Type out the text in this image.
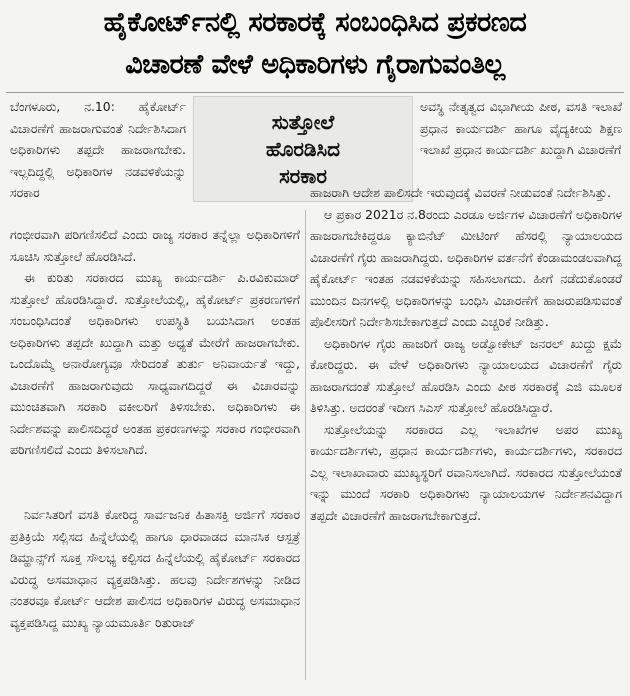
ಹೈಕೋರ್ಟ್‌ನಲ್ಲಿ ಸರಕಾರಕ್ಕೆ ಸಂಬಂಧಿಸಿದ ಪ್ರಕರಣದ
ವಿಚಾರಣೆ ವೇಳೆ ಅಧಿಕಾರಿಗಳು ಗೈರಾಗುವಂತಿಲ್ಲ

ಬೆಂಗಳೂರು, ನ.10: ಹೈಕೋರ್ಟ್ ವಿಚಾರಣೆಗೆ ಹಾಜರಾಗುವಂತೆ ನಿರ್ದೇಶಿಸಿದಾಗ ಅಧಿಕಾರಿಗಳು ತಪ್ಪದೇ ಹಾಜರಾಗಬೇಕು. ಇಲ್ಲದಿದ್ದಲ್ಲಿ ಅಧಿಕಾರಿಗಳ ನಡವಳಿಕೆಯನ್ನು ಸರಕಾರ

ಸುತ್ತೋಲೆ
ಹೊರಡಿಸಿದ
ಸರಕಾರ

ಅವಸ್ಥಿ ನೇತೃತ್ವದ ವಿಭಾಗೀಯ ಪೀಠ, ವಸತಿ ಇಲಾಖೆ ಪ್ರಧಾನ ಕಾರ್ಯದರ್ಶಿ ಹಾಗೂ ವೈದ್ಯಕೀಯ ಶಿಕ್ಷಣ ಇಲಾಖೆ ಪ್ರಧಾನ ಕಾರ್ಯದರ್ಶಿ ಖುದ್ದಾಗಿ ವಿಚಾರಣೆಗೆ

ಗಂಭೀರವಾಗಿ ಪರಿಗಣಿಸಲಿದೆ ಎಂದು ರಾಜ್ಯ ಸರಕಾರ ತನ್ನೆಲ್ಲಾ ಅಧಿಕಾರಿಗಳಿಗೆ ಸೂಚಿಸಿ ಸುತ್ತೋಲೆ ಹೊರಡಿಸಿದೆ.

ಈ ಕುರಿತು ಸರಕಾರದ ಮುಖ್ಯ ಕಾರ್ಯದರ್ಶಿ ಪಿ.ರವಿಕುಮಾರ್ ಸುತ್ತೋಲೆ ಹೊರಡಿಸಿದ್ದಾರೆ. ಸುತ್ತೋಲೆಯಲ್ಲಿ, ಹೈಕೋರ್ಟ್ ಪ್ರಕರಣಗಳಿಗೆ ಸಂಬಂಧಿಸಿದಂತೆ ಅಧಿಕಾರಿಗಳು ಉಪಸ್ಥಿತಿ ಬಯಸಿದಾಗ ಅಂತಹ ಅಧಿಕಾರಿಗಳು ತಪ್ಪದೇ ಖುದ್ದಾಗಿ ಮತ್ತು ಅಧ್ಯತೆ ಮೇರೆಗೆ ಹಾಜರಾಗಬೇಕು. ಒಂದೊಮ್ಮೆ ಅನಾರೋಗ್ಯವೂ ಸೇರಿದಂತೆ ತುರ್ತು ಅನಿವಾರ್ಯತೆ ಇದ್ದು, ವಿಚಾರಣೆಗೆ ಹಾಜರಾಗುವುದು ಸಾಧ್ಯವಾಗದಿದ್ದರೆ ಈ ವಿಚಾರವನ್ನು ಮುಂಚಿತವಾಗಿ ಸರಕಾರಿ ವಕೀಲರಿಗೆ ತಿಳಿಸಬೇಕು. ಅಧಿಕಾರಿಗಳು ಈ ನಿರ್ದೇಶವನ್ನು ಪಾಲಿಸದಿದ್ದರೆ ಅಂತಹ ಪ್ರಕರಣಗಳನ್ನು ಸರಕಾರ ಗಂಭೀರವಾಗಿ ಪರಿಗಣಿಸಲಿದೆ ಎಂದು ತಿಳಿಸಲಾಗಿದೆ.

ನಿರ್ವಸಿತರಿಗೆ ವಸತಿ ಕೋರಿದ್ದ ಸಾರ್ವಜನಿಕ ಹಿತಾಸಕ್ತಿ ಅರ್ಜಿಗೆ ಸರಕಾರ ಪ್ರತಿಕ್ರಿಯೆ ಸಲ್ಲಿಸದ ಹಿನ್ನೆಲೆಯಲ್ಲಿ ಹಾಗೂ ಧಾರವಾಡದ ಮಾನಸಿಕ ಆಸ್ಪತ್ರೆ ಡಿಮ್ಹಾನ್ಸ್‌ಗೆ ಸೂಕ್ತ ಸೌಲಭ್ಯ ಕಲ್ಪಿಸದ ಹಿನ್ನೆಲೆಯಲ್ಲಿ ಹೈಕೋರ್ಟ್ ಸರಕಾರದ ವಿರುದ್ಧ ಅಸಮಾಧಾನ ವ್ಯಕ್ತಪಡಿಸಿತ್ತು. ಹಲವು ನಿರ್ದೇಶಗಳನ್ನು ನೀಡಿದ ನಂತರವೂ ಕೋರ್ಟ್ ಆದೇಶ ಪಾಲಿಸದ ಅಧಿಕಾರಿಗಳ ವಿರುದ್ಧ ಅಸಮಾಧಾನ ವ್ಯಕ್ತಪಡಿಸಿದ್ದ ಮುಖ್ಯ ನ್ಯಾಯಮೂರ್ತಿ ರಿತುರಾಜ್

ಹಾಜರಾಗಿ ಆದೇಶ ಪಾಲಿಸದೇ ಇರುವುದಕ್ಕೆ ವಿವರಣೆ ನೀಡುವಂತೆ ನಿರ್ದೇಶಿಸಿತ್ತು.

ಆ ಪ್ರಕಾರ 2021ರ ನ.8ರಂದು ಎರಡೂ ಅರ್ಜಿಗಳ ವಿಚಾರಣೆಗೆ ಅಧಿಕಾರಿಗಳ ಹಾಜರಾಗಬೇಕಿದ್ದರೂ ಕ್ಯಾಬಿನೆಟ್ ಮೀಟಿಂಗ್ ಹೆಸರಲ್ಲಿ ನ್ಯಾಯಾಲಯದ ವಿಚಾರಣೆಗೆ ಗೈರು ಹಾಜರಾಗಿದ್ದರು. ಅಧಿಕಾರಿಗಳ ವರ್ತನೆಗೆ ಕೆಂಡಾಮಂಡಲವಾಗಿದ್ದ ಹೈಕೋರ್ಟ್ ಇಂತಹ ನಡವಳಿಕೆಯನ್ನು ಸಹಿಸಲಾಗದು. ಹೀಗೆ ನಡೆದುಕೊಂಡರೆ ಮುಂದಿನ ದಿನಗಳಲ್ಲಿ ಅಧಿಕಾರಿಗಳನ್ನು ಬಂಧಿಸಿ ವಿಚಾರಣೆಗೆ ಹಾಜರುಪಡಿಸುವಂತೆ ಪೊಲೀಸರಿಗೆ ನಿರ್ದೇಶಿಸಬೇಕಾಗುತ್ತದೆ ಎಂದು ಎಚ್ಚರಿಕೆ ನೀಡಿತ್ತು.

ಅಧಿಕಾರಿಗಳ ಗೈರು ಹಾಜರಿಗೆ ರಾಜ್ಯ ಅಡ್ವೋಕೇಟ್ ಜನರಲ್ ಖುದ್ದು ಕ್ಷಮೆ ಕೋರಿದ್ದರು. ಈ ವೇಳೆ ಅಧಿಕಾರಿಗಳು ನ್ಯಾಯಾಲಯದ ವಿಚಾರಣೆಗೆ ಗೈರು ಹಾಜರಾಗದಂತೆ ಸುತ್ತೋಲೆ ಹೊರಡಿಸಿ ಎಂದು ಪೀಠ ಸರಕಾರಕ್ಕೆ ಎಜಿ ಮೂಲಕ ತಿಳಿಸಿತ್ತು. ಅದರಂತೆ ಇದೀಗ ಸಿಎಸ್ ಸುತ್ತೋಲೆ ಹೊರಡಿಸಿದ್ದಾರೆ.

ಸುತ್ತೋಲೆಯನ್ನು ಸರಕಾರದ ಎಲ್ಲ ಇಲಾಖೆಗಳ ಅಪರ ಮುಖ್ಯ ಕಾರ್ಯದರ್ಶಿಗಳು, ಪ್ರಧಾನ ಕಾರ್ಯದರ್ಶಿಗಳು, ಕಾರ್ಯದರ್ಶಿಗಳು, ಸರಕಾರದ ಎಲ್ಲ ಇಲಾಖಾವಾರು ಮುಖ್ಯಸ್ಥರಿಗೆ ರವಾನಿಸಲಾಗಿದೆ. ಸರಕಾರದ ಸುತ್ತೋಲೆಯಂತೆ ಇನ್ನು ಮುಂದೆ ಸರಕಾರಿ ಅಧಿಕಾರಿಗಳು ನ್ಯಾಯಾಲಯಗಳ ನಿರ್ದೇಶನವಿದ್ದಾಗ ತಪ್ಪದೇ ವಿಚಾರಣೆಗೆ ಹಾಜರಾಗಬೇಕಾಗುತ್ತದೆ.
